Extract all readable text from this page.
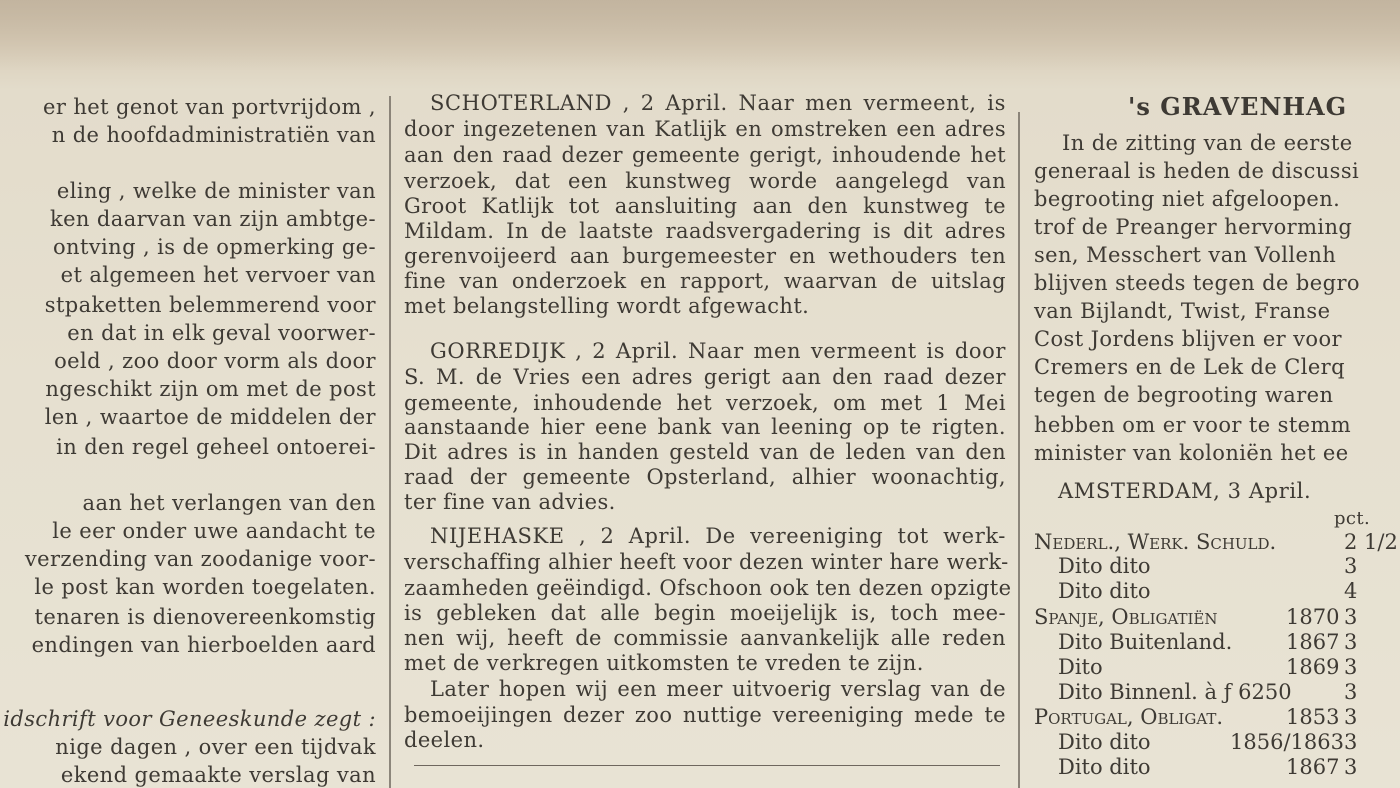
er het genot van portvrijdom ,
n de hoofdadministratiën van
eling , welke de minister van
ken daarvan van zijn ambtge-
ontving , is de opmerking ge-
et algemeen het vervoer van
stpaketten belemmerend voor
en dat in elk geval voorwer-
oeld , zoo door vorm als door
ngeschikt zijn om met de post
len , waartoe de middelen der
in den regel geheel ontoerei-
aan het verlangen van den
le eer onder uwe aandacht te
verzending van zoodanige voor-
le post kan worden toegelaten.
tenaren is dienovereenkomstig
endingen van hierboelden aard
idschrift voor Geneeskunde zegt :
nige dagen , over een tijdvak
ekend gemaakte verslag van
SCHOTERLAND , 2 April. Naar men vermeent, is
door ingezetenen van Katlijk en omstreken een adres
aan den raad dezer gemeente gerigt, inhoudende het
verzoek, dat een kunstweg worde aangelegd van
Groot Katlijk tot aansluiting aan den kunstweg te
Mildam. In de laatste raadsvergadering is dit adres
gerenvoijeerd aan burgemeester en wethouders ten
fine van onderzoek en rapport, waarvan de uitslag
met belangstelling wordt afgewacht.
GORREDIJK , 2 April. Naar men vermeent is door
S. M. de Vries een adres gerigt aan den raad dezer
gemeente, inhoudende het verzoek, om met 1 Mei
aanstaande hier eene bank van leening op te rigten.
Dit adres is in handen gesteld van de leden van den
raad der gemeente Opsterland, alhier woonachtig,
ter fine van advies.
NIJEHASKE , 2 April. De vereeniging tot werk-
verschaffing alhier heeft voor dezen winter hare werk-
zaamheden geëindigd. Ofschoon ook ten dezen opzigte
is gebleken dat alle begin moeijelijk is, toch mee-
nen wij, heeft de commissie aanvankelijk alle reden
met de verkregen uitkomsten te vreden te zijn.
Later hopen wij een meer uitvoerig verslag van de
bemoeijingen dezer zoo nuttige vereeniging mede te
deelen.
's GRAVENHAG
In de zitting van de eerste
generaal is heden de discussi
begrooting niet afgeloopen.
trof de Preanger hervorming
sen, Messchert van Vollenh
blijven steeds tegen de begro
van Bijlandt, Twist, Franse
Cost Jordens blijven er voor
Cremers en de Lek de Clerq
tegen de begrooting waren
hebben om er voor te stemm
minister van koloniën het ee
AMSTERDAM, 3 April.
pct.
Nederl., Werk. Schuld.	2 1/2
Dito dito	3
Dito dito	4
Spanje, Obligatiën	1870 3
Dito Buitenland.	1867 3
Dito	1869 3
Dito Binnenl. à ƒ 6250 3
Portugal, Obligat.	1853 3
Dito dito	1856/1863 3
Dito dito	1867 3
